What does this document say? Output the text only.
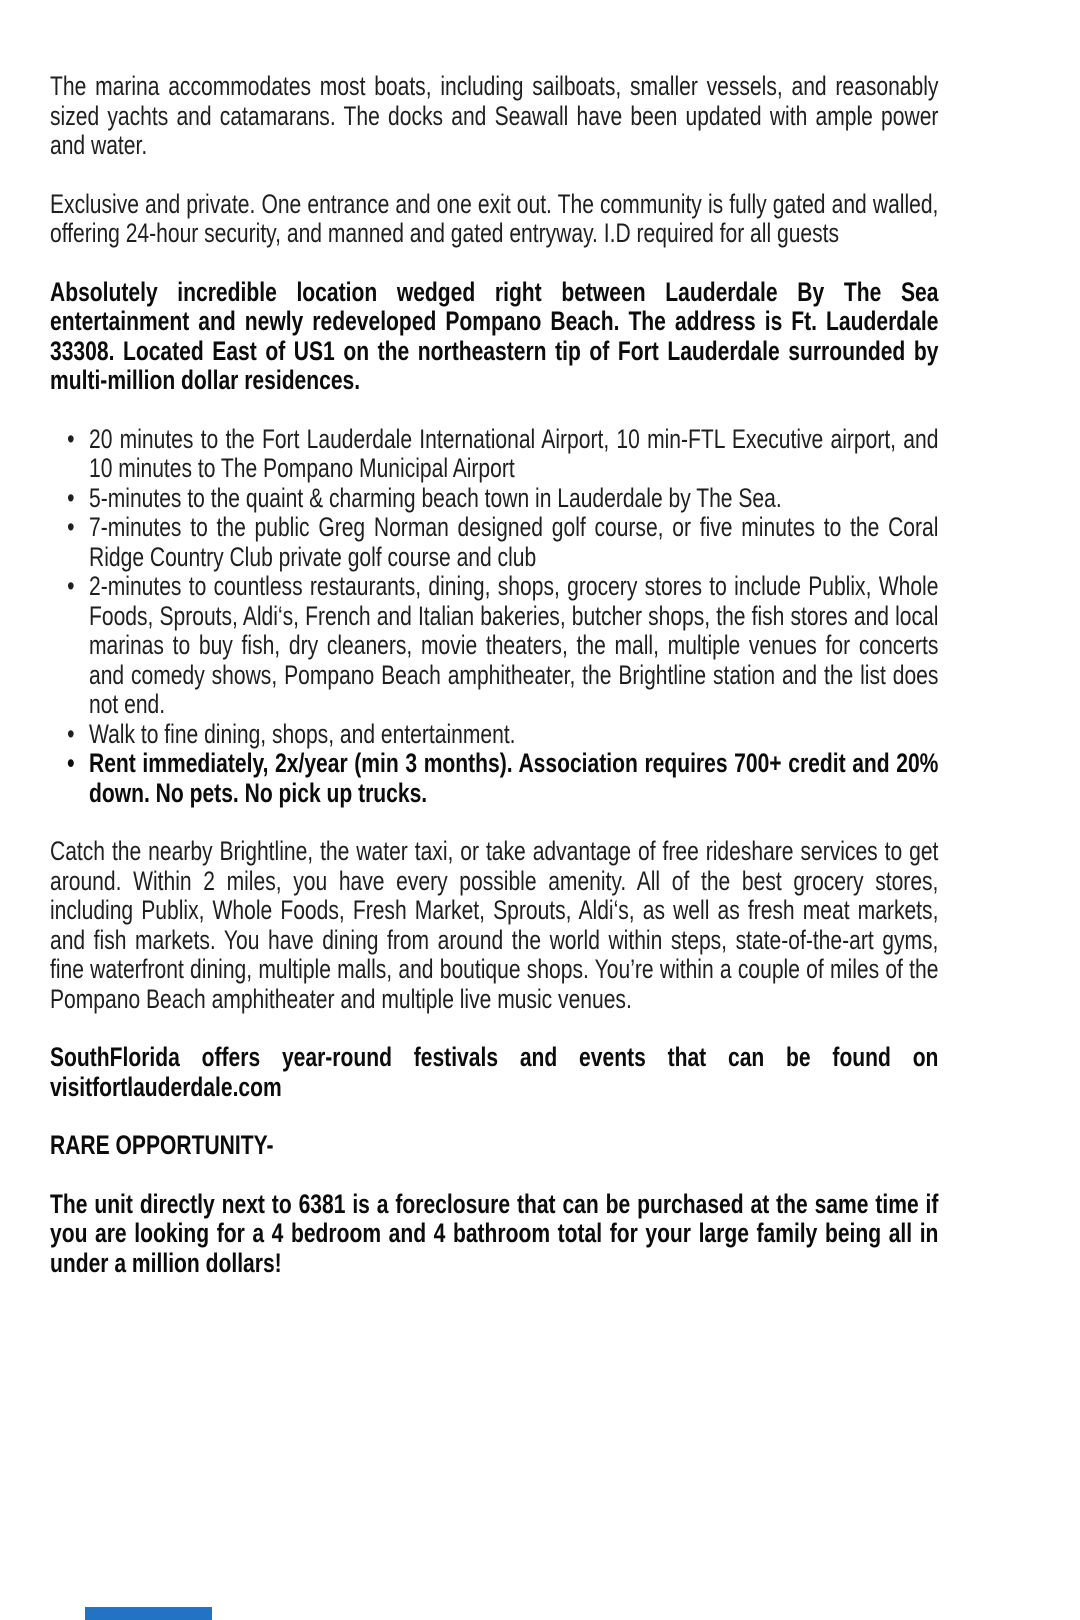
The marina accommodates most boats, including sailboats, smaller vessels, and reasonably sized yachts and catamarans. The docks and Seawall have been updated with ample power and water.

Exclusive and private. One entrance and one exit out. The community is fully gated and walled, offering 24-hour security, and manned and gated entryway. I.D required for all guests

Absolutely incredible location wedged right between Lauderdale By The Sea entertainment and newly redeveloped Pompano Beach. The address is Ft. Lauderdale 33308. Located East of US1 on the northeastern tip of Fort Lauderdale surrounded by multi-million dollar residences.

• 20 minutes to the Fort Lauderdale International Airport, 10 min-FTL Executive airport, and 10 minutes to The Pompano Municipal Airport
• 5-minutes to the quaint & charming beach town in Lauderdale by The Sea.
• 7-minutes to the public Greg Norman designed golf course, or five minutes to the Coral Ridge Country Club private golf course and club
• 2-minutes to countless restaurants, dining, shops, grocery stores to include Publix, Whole Foods, Sprouts, Aldi‘s, French and Italian bakeries, butcher shops, the fish stores and local marinas to buy fish, dry cleaners, movie theaters, the mall, multiple venues for concerts and comedy shows, Pompano Beach amphitheater, the Brightline station and the list does not end.
• Walk to fine dining, shops, and entertainment.
• Rent immediately, 2x/year (min 3 months). Association requires 700+ credit and 20% down. No pets. No pick up trucks.

Catch the nearby Brightline, the water taxi, or take advantage of free rideshare services to get around. Within 2 miles, you have every possible amenity. All of the best grocery stores, including Publix, Whole Foods, Fresh Market, Sprouts, Aldi‘s, as well as fresh meat markets, and fish markets. You have dining from around the world within steps, state-of-the-art gyms, fine waterfront dining, multiple malls, and boutique shops. You’re within a couple of miles of the Pompano Beach amphitheater and multiple live music venues.

SouthFlorida offers year-round festivals and events that can be found on visitfortlauderdale.com

RARE OPPORTUNITY-

The unit directly next to 6381 is a foreclosure that can be purchased at the same time if you are looking for a 4 bedroom and 4 bathroom total for your large family being all in under a million dollars!
